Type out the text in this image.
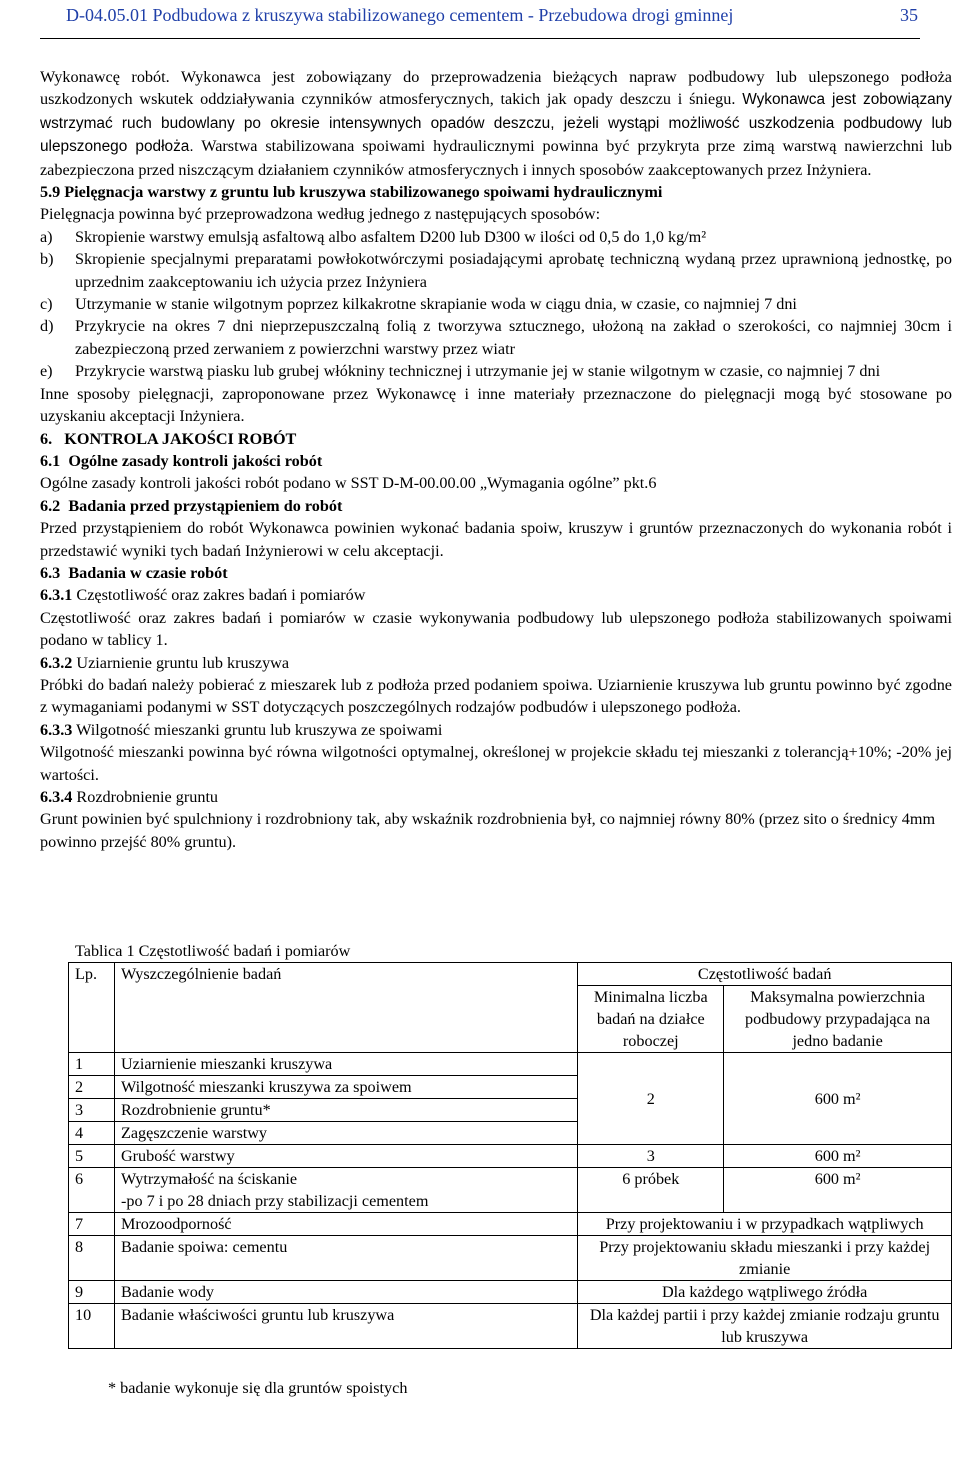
D-04.05.01 Podbudowa z kruszywa stabilizowanego cementem - Przebudowa drogi gminnej	35

Wykonawcę robót. Wykonawca jest zobowiązany do przeprowadzenia bieżących napraw podbudowy lub ulepszonego podłoża uszkodzonych wskutek oddziaływania czynników atmosferycznych, takich jak opady deszczu i śniegu. Wykonawca jest zobowiązany wstrzymać ruch budowlany po okresie intensywnych opadów deszczu, jeżeli wystąpi możliwość uszkodzenia podbudowy lub ulepszonego podłoża. Warstwa stabilizowana spoiwami hydraulicznymi powinna być przykryta prze zimą warstwą nawierzchni lub zabezpieczona przed niszczącym działaniem czynników atmosferycznych i innych sposobów zaakceptowanych przez Inżyniera.

5.9 Pielęgnacja warstwy z gruntu lub kruszywa stabilizowanego spoiwami hydraulicznymi

Pielęgnacja powinna być przeprowadzona według jednego z następujących sposobów:

a)	Skropienie warstwy emulsją asfaltową albo asfaltem D200 lub D300 w ilości od 0,5 do 1,0 kg/m²
b)	Skropienie specjalnymi preparatami powłokotwórczymi posiadającymi aprobatę techniczną wydaną przez uprawnioną jednostkę, po uprzednim zaakceptowaniu ich użycia przez Inżyniera
c)	Utrzymanie w stanie wilgotnym poprzez kilkakrotne skrapianie woda w ciągu dnia, w czasie, co najmniej 7 dni
d)	Przykrycie na okres 7 dni nieprzepuszczalną folią z tworzywa sztucznego, ułożoną na zakład o szerokości, co najmniej 30cm i zabezpieczoną przed zerwaniem z powierzchni warstwy przez wiatr
e)	Przykrycie warstwą piasku lub grubej włókniny technicznej i utrzymanie jej w stanie wilgotnym w czasie, co najmniej 7 dni

Inne sposoby pielęgnacji, zaproponowane przez Wykonawcę i inne materiały przeznaczone do pielęgnacji mogą być stosowane po uzyskaniu akceptacji Inżyniera.

6.   KONTROLA JAKOŚCI ROBÓT

6.1  Ogólne zasady kontroli jakości robót

Ogólne zasady kontroli jakości robót podano w SST D-M-00.00.00 „Wymagania ogólne” pkt.6

6.2  Badania przed przystąpieniem do robót

Przed przystąpieniem do robót Wykonawca powinien wykonać badania spoiw, kruszyw i gruntów przeznaczonych do wykonania robót i przedstawić wyniki tych badań Inżynierowi w celu akceptacji.

6.3  Badania w czasie robót

6.3.1 Częstotliwość oraz zakres badań i pomiarów

Częstotliwość oraz zakres badań i pomiarów w czasie wykonywania podbudowy lub ulepszonego podłoża stabilizowanych spoiwami podano w tablicy 1.

6.3.2 Uziarnienie gruntu lub kruszywa

Próbki do badań należy pobierać z mieszarek lub z podłoża przed podaniem spoiwa. Uziarnienie kruszywa lub gruntu powinno być zgodne z wymaganiami podanymi w SST dotyczących poszczególnych rodzajów podbudów i ulepszonego podłoża.

6.3.3 Wilgotność mieszanki gruntu lub kruszywa ze spoiwami

Wilgotność mieszanki powinna być równa wilgotności optymalnej, określonej w projekcie składu tej mieszanki z tolerancją+10%; -20% jej wartości.

6.3.4 Rozdrobnienie gruntu

Grunt powinien być spulchniony i rozdrobniony tak, aby wskaźnik rozdrobnienia był, co najmniej równy 80% (przez sito o średnicy 4mm powinno przejść 80% gruntu).

Tablica 1 Częstotliwość badań i pomiarów
Lp.	Wyszczególnienie badań	Częstotliwość badań	
		Minimalna liczba badań na działce roboczej	Maksymalna powierzchnia podbudowy przypadająca na jedno badanie
1	Uziarnienie mieszanki kruszywa	2	600 m²
2	Wilgotność mieszanki kruszywa za spoiwem		
3	Rozdrobnienie gruntu*		
4	Zagęszczenie warstwy		
5	Grubość warstwy	3	600 m²
6	Wytrzymałość na ściskanie
-po 7 i po 28 dniach przy stabilizacji cementem	6 próbek	600 m²
7	Mrozoodporność	Przy projektowaniu i w przypadkach wątpliwych	
8	Badanie spoiwa: cementu	Przy projektowaniu składu mieszanki i przy każdej zmianie	
9	Badanie wody	Dla każdego wątpliwego źródła	
10	Badanie właściwości gruntu lub kruszywa	Dla każdej partii i przy każdej zmianie rodzaju gruntu lub kruszywa	
* badanie wykonuje się dla gruntów spoistych
